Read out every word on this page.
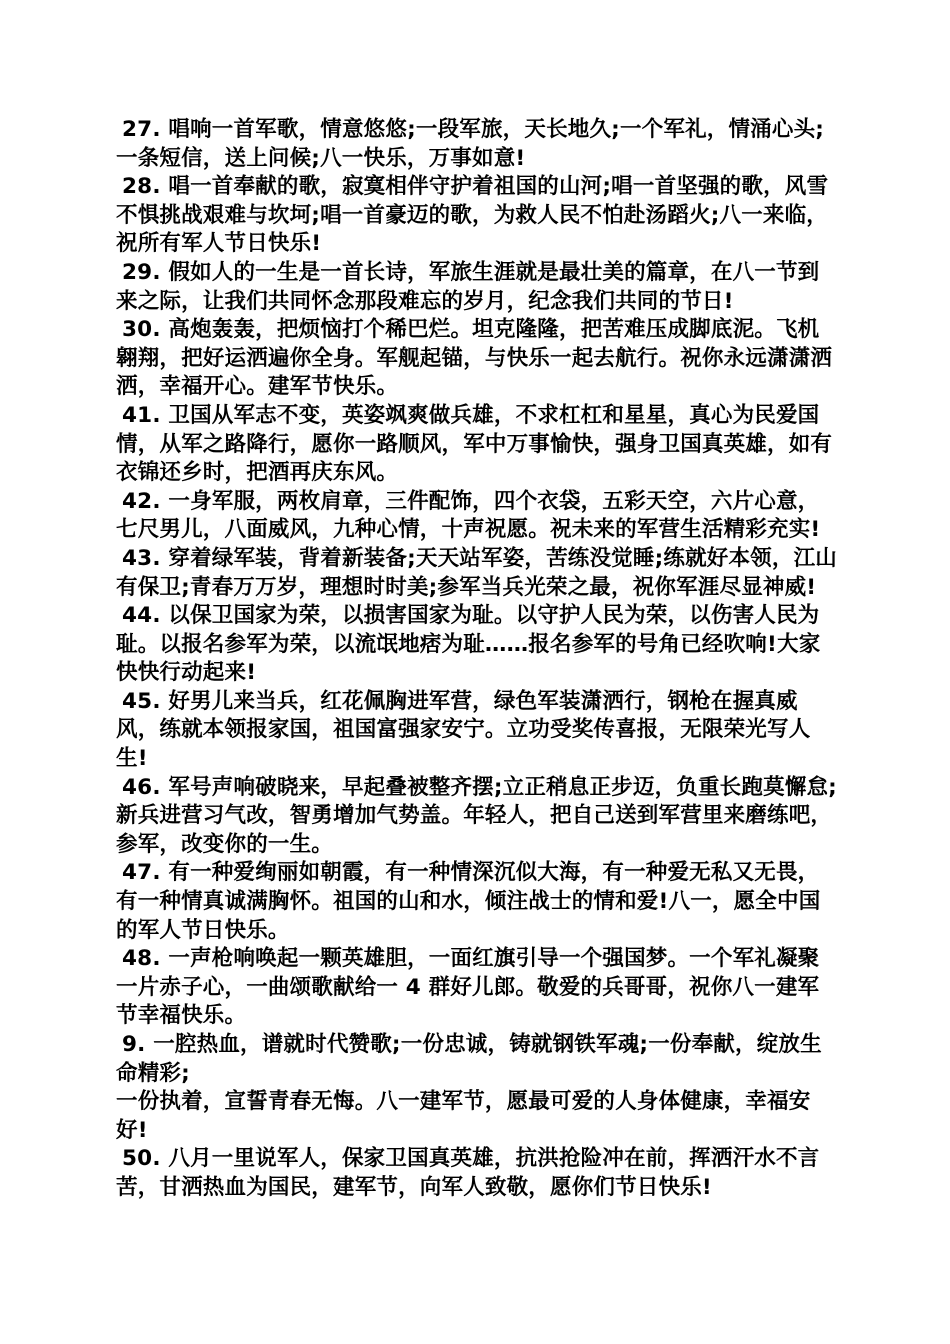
27. 唱响一首军歌，情意悠悠;一段军旅，天长地久;一个军礼，情涌心头;一条短信，送上问候;八一快乐，万事如意!

28. 唱一首奉献的歌，寂寞相伴守护着祖国的山河;唱一首坚强的歌，风雪不惧挑战艰难与坎坷;唱一首豪迈的歌，为救人民不怕赴汤蹈火;八一来临，祝所有军人节日快乐!

29. 假如人的一生是一首长诗，军旅生涯就是最壮美的篇章，在八一节到来之际，让我们共同怀念那段难忘的岁月，纪念我们共同的节日!

30. 高炮轰轰，把烦恼打个稀巴烂。坦克隆隆，把苦难压成脚底泥。飞机翱翔，把好运洒遍你全身。军舰起锚，与快乐一起去航行。祝你永远潇潇洒洒，幸福开心。建军节快乐。

41. 卫国从军志不变，英姿飒爽做兵雄，不求杠杠和星星，真心为民爱国情，从军之路降行，愿你一路顺风，军中万事愉快，强身卫国真英雄，如有衣锦还乡时，把酒再庆东风。

42. 一身军服，两枚肩章，三件配饰，四个衣袋，五彩天空，六片心意，七尺男儿，八面威风，九种心情，十声祝愿。祝未来的军营生活精彩充实!

43. 穿着绿军装，背着新装备;天天站军姿，苦练没觉睡;练就好本领，江山有保卫;青春万万岁，理想时时美;参军当兵光荣之最，祝你军涯尽显神威!

44. 以保卫国家为荣，以损害国家为耻。以守护人民为荣，以伤害人民为耻。以报名参军为荣，以流氓地痞为耻……报名参军的号角已经吹响!大家快快行动起来!

45. 好男儿来当兵，红花佩胸进军营，绿色军装潇洒行，钢枪在握真威风，练就本领报家国，祖国富强家安宁。立功受奖传喜报，无限荣光写人生!

46. 军号声响破晓来，早起叠被整齐摆;立正稍息正步迈，负重长跑莫懈怠;新兵进营习气改，智勇增加气势盖。年轻人，把自己送到军营里来磨练吧，参军，改变你的一生。

47. 有一种爱绚丽如朝霞，有一种情深沉似大海，有一种爱无私又无畏，有一种情真诚满胸怀。祖国的山和水，倾注战士的情和爱!八一，愿全中国的军人节日快乐。

48. 一声枪响唤起一颗英雄胆，一面红旗引导一个强国梦。一个军礼凝聚一片赤子心，一曲颂歌献给一 4 群好儿郎。敬爱的兵哥哥，祝你八一建军节幸福快乐。

9. 一腔热血，谱就时代赞歌;一份忠诚，铸就钢铁军魂;一份奉献，绽放生命精彩;

一份执着，宣誓青春无悔。八一建军节，愿最可爱的人身体健康，幸福安好!

50. 八月一里说军人，保家卫国真英雄，抗洪抢险冲在前，挥洒汗水不言苦，甘洒热血为国民，建军节，向军人致敬，愿你们节日快乐!
